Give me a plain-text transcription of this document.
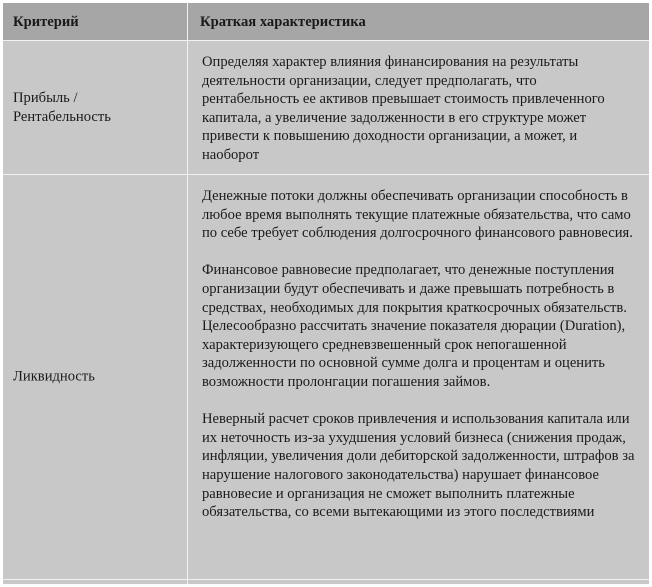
Критерий	Краткая характеристика
Прибыль /
Рентабельность

Определяя характер влияния финансирования на результаты деятельности организации, следует предполагать, что рентабельность ее активов превышает стоимость привлеченного капитала, а увеличение задолженности в его структуре может привести к повышению доходности организации, а может, и наоборот

Ликвидность

Денежные потоки должны обеспечивать организации способность в любое время выполнять текущие платежные обязательства, что само по себе требует соблюдения долгосрочного финансового равновесия.

Финансовое равновесие предполагает, что денежные поступления организации будут обеспечивать и даже превышать потребность в средствах, необходимых для покрытия краткосрочных обязательств. Целесообразно рассчитать значение показателя дюрации (Duration), характеризующего средневзвешенный срок непогашенной задолженности по основной сумме долга и процентам и оценить возможности пролонгации погашения займов.

Неверный расчет сроков привлечения и использования капитала или их неточность из-за ухудшения условий бизнеса (снижения продаж, инфляции, увеличения доли дебиторской задолженности, штрафов за нарушение налогового законодательства) нарушает финансовое равновесие и организация не сможет выполнить платежные обязательства, со всеми вытекающими из этого последствиями
